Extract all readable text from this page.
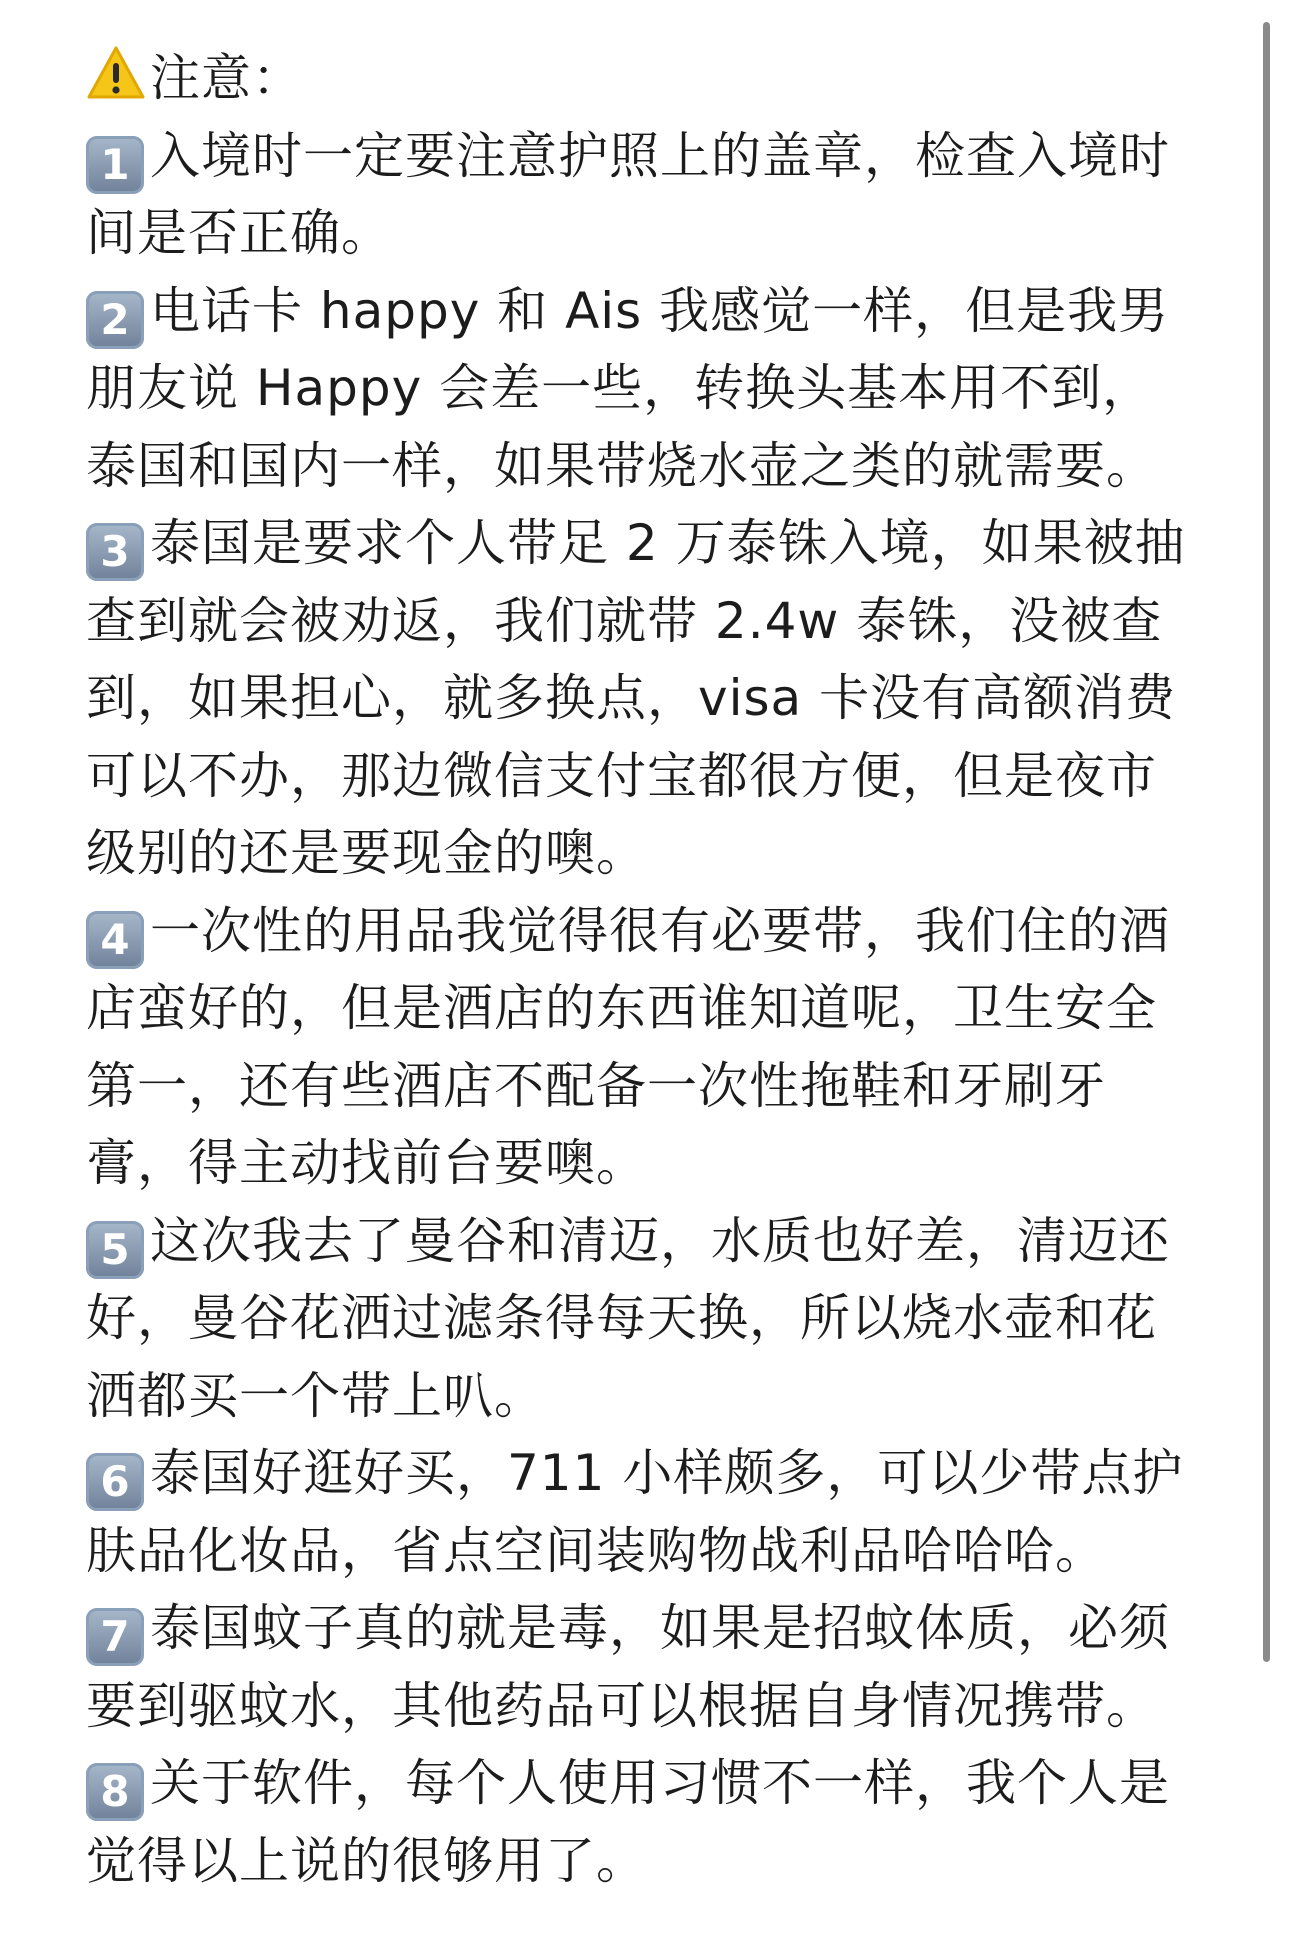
注意：

1 入境时一定要注意护照上的盖章，检查入境时间是否正确。

2 电话卡 happy 和 Ais 我感觉一样，但是我男朋友说 Happy 会差一些，转换头基本用不到，泰国和国内一样，如果带烧水壶之类的就需要。

3 泰国是要求个人带足 2 万泰铢入境，如果被抽查到就会被劝返，我们就带 2.4w 泰铢，没被查到，如果担心，就多换点，visa 卡没有高额消费可以不办，那边微信支付宝都很方便，但是夜市级别的还是要现金的噢。

4 一次性的用品我觉得很有必要带，我们住的酒店蛮好的，但是酒店的东西谁知道呢，卫生安全第一，还有些酒店不配备一次性拖鞋和牙刷牙膏，得主动找前台要噢。

5 这次我去了曼谷和清迈，水质也好差，清迈还好，曼谷花洒过滤条得每天换，所以烧水壶和花洒都买一个带上叭。

6 泰国好逛好买，711 小样颇多，可以少带点护肤品化妆品，省点空间装购物战利品哈哈哈。

7 泰国蚊子真的就是毒，如果是招蚊体质，必须要到驱蚊水，其他药品可以根据自身情况携带。

8 关于软件，每个人使用习惯不一样，我个人是觉得以上说的很够用了。
